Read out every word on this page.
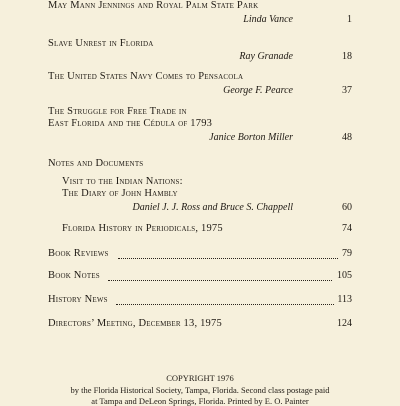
May Mann Jennings and Royal Palm State Park
Linda Vance	1
Slave Unrest in Florida
Ray Granade	18
The United States Navy Comes to Pensacola
George F. Pearce	37
The Struggle for Free Trade in
East Florida and the Cédula of 1793
Janice Borton Miller	48
Notes and Documents
Visit to the Indian Nations:
The Diary of John Hambly
Daniel J. J. Ross and Bruce S. Chappell	60
Florida History in Periodicals, 1975	74
Book Reviews	79
Book Notes	105
History News	113
Directors’ Meeting, December 13, 1975	124
COPYRIGHT 1976
by the Florida Historical Society, Tampa, Florida. Second class postage paid
at Tampa and DeLeon Springs, Florida. Printed by E. O. Painter
